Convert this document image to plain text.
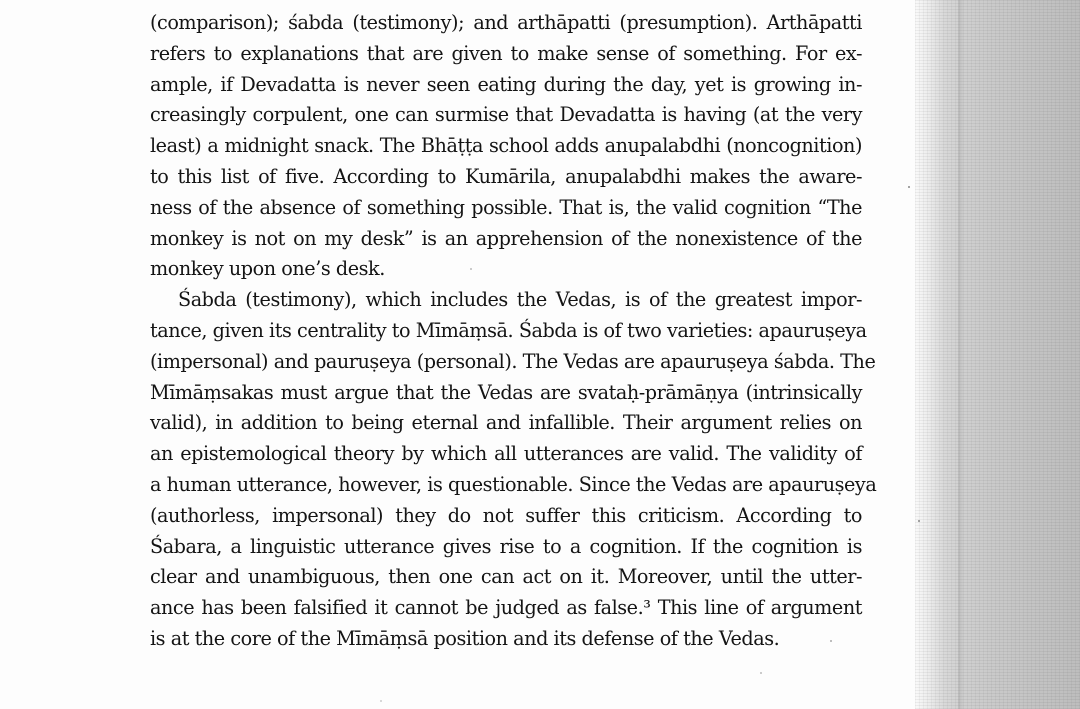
(comparison); śabda (testimony); and arthāpatti (presumption). Arthāpatti
refers to explanations that are given to make sense of something. For ex-
ample, if Devadatta is never seen eating during the day, yet is growing in-
creasingly corpulent, one can surmise that Devadatta is having (at the very
least) a midnight snack. The Bhāṭṭa school adds anupalabdhi (noncognition)
to this list of five. According to Kumārila, anupalabdhi makes the aware-
ness of the absence of something possible. That is, the valid cognition “The
monkey is not on my desk” is an apprehension of the nonexistence of the
monkey upon one’s desk.
Śabda (testimony), which includes the Vedas, is of the greatest impor-
tance, given its centrality to Mīmāṃsā. Śabda is of two varieties: apauruṣeya
(impersonal) and pauruṣeya (personal). The Vedas are apauruṣeya śabda. The
Mīmāṃsakas must argue that the Vedas are svataḥ-prāmāṇya (intrinsically
valid), in addition to being eternal and infallible. Their argument relies on
an epistemological theory by which all utterances are valid. The validity of
a human utterance, however, is questionable. Since the Vedas are apauruṣeya
(authorless, impersonal) they do not suffer this criticism. According to
Śabara, a linguistic utterance gives rise to a cognition. If the cognition is
clear and unambiguous, then one can act on it. Moreover, until the utter-
ance has been falsified it cannot be judged as false.³ This line of argument
is at the core of the Mīmāṃsā position and its defense of the Vedas.
